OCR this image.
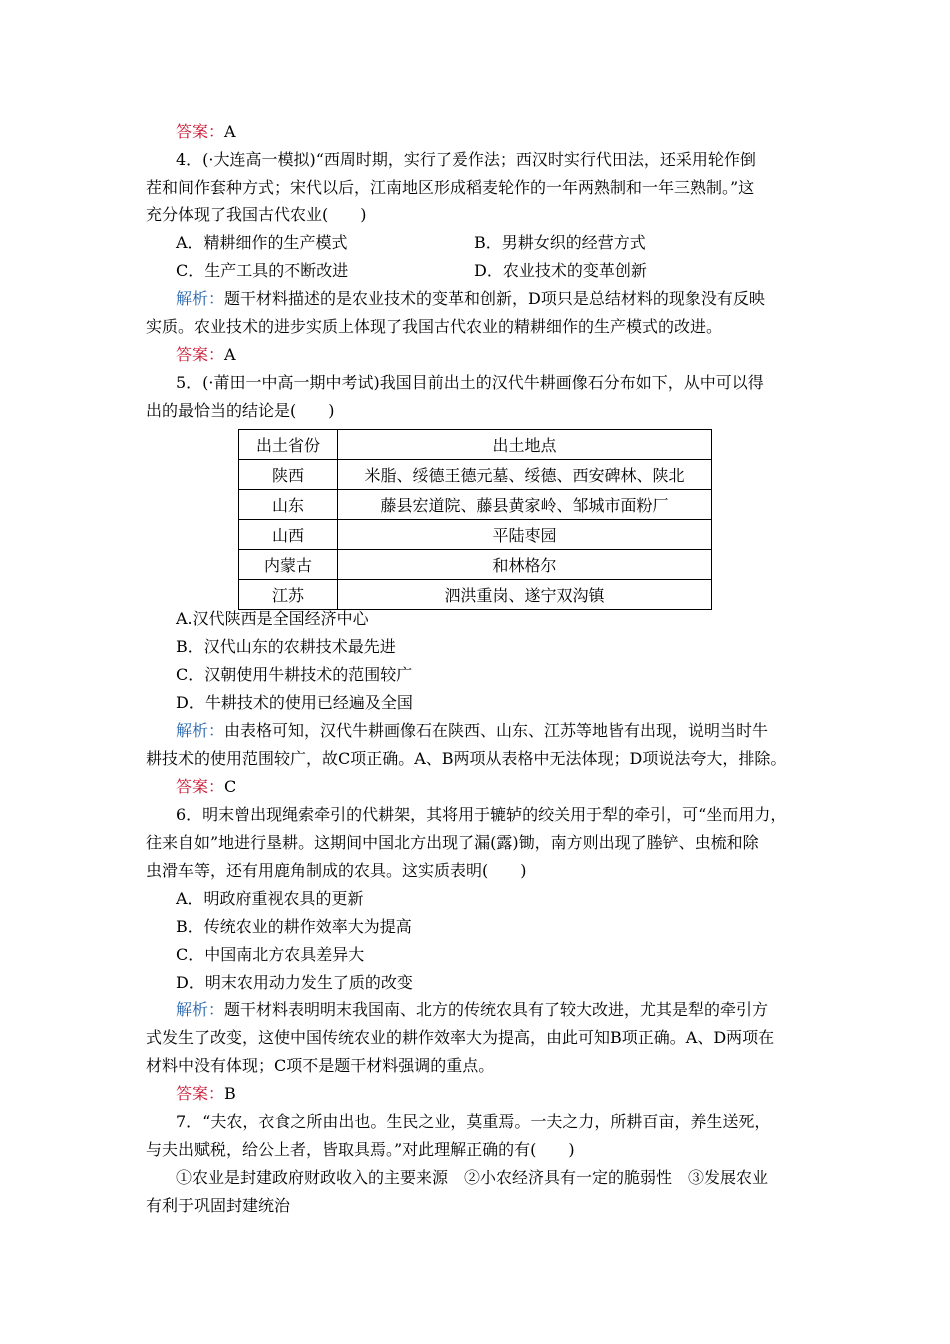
答案：A
4．(·大连高一模拟)“西周时期，实行了爰作法；西汉时实行代田法，还采用轮作倒
茬和间作套种方式；宋代以后，江南地区形成稻麦轮作的一年两熟制和一年三熟制。”这
充分体现了我国古代农业(　　)
A．精耕细作的生产模式	B．男耕女织的经营方式
C．生产工具的不断改进	D．农业技术的变革创新
解析：题干材料描述的是农业技术的变革和创新，D项只是总结材料的现象没有反映
实质。农业技术的进步实质上体现了我国古代农业的精耕细作的生产模式的改进。
答案：A
5．(·莆田一中高一期中考试)我国目前出土的汉代牛耕画像石分布如下，从中可以得
出的最恰当的结论是(　　)
出土省份	出土地点
陕西	米脂、绥德王德元墓、绥德、西安碑林、陕北
山东	藤县宏道院、藤县黄家岭、邹城市面粉厂
山西	平陆枣园
内蒙古	和林格尔
江苏	泗洪重岗、遂宁双沟镇
A.汉代陕西是全国经济中心
B．汉代山东的农耕技术最先进
C．汉朝使用牛耕技术的范围较广
D．牛耕技术的使用已经遍及全国
解析：由表格可知，汉代牛耕画像石在陕西、山东、江苏等地皆有出现，说明当时牛
耕技术的使用范围较广，故C项正确。A、B两项从表格中无法体现；D项说法夸大，排除。
答案：C
6．明末曾出现绳索牵引的代耕架，其将用于辘轳的绞关用于犁的牵引，可“坐而用力，
往来自如”地进行垦耕。这期间中国北方出现了漏(露)锄，南方则出现了塍铲、虫梳和除
虫滑车等，还有用鹿角制成的农具。这实质表明(　　)
A．明政府重视农具的更新
B．传统农业的耕作效率大为提高
C．中国南北方农具差异大
D．明末农用动力发生了质的改变
解析：题干材料表明明末我国南、北方的传统农具有了较大改进，尤其是犁的牵引方
式发生了改变，这使中国传统农业的耕作效率大为提高，由此可知B项正确。A、D两项在
材料中没有体现；C项不是题干材料强调的重点。
答案：B
7．“夫农，衣食之所由出也。生民之业，莫重焉。一夫之力，所耕百亩，养生送死，
与夫出赋税，给公上者，皆取具焉。”对此理解正确的有(　　)
①农业是封建政府财政收入的主要来源　②小农经济具有一定的脆弱性　③发展农业
有利于巩固封建统治
